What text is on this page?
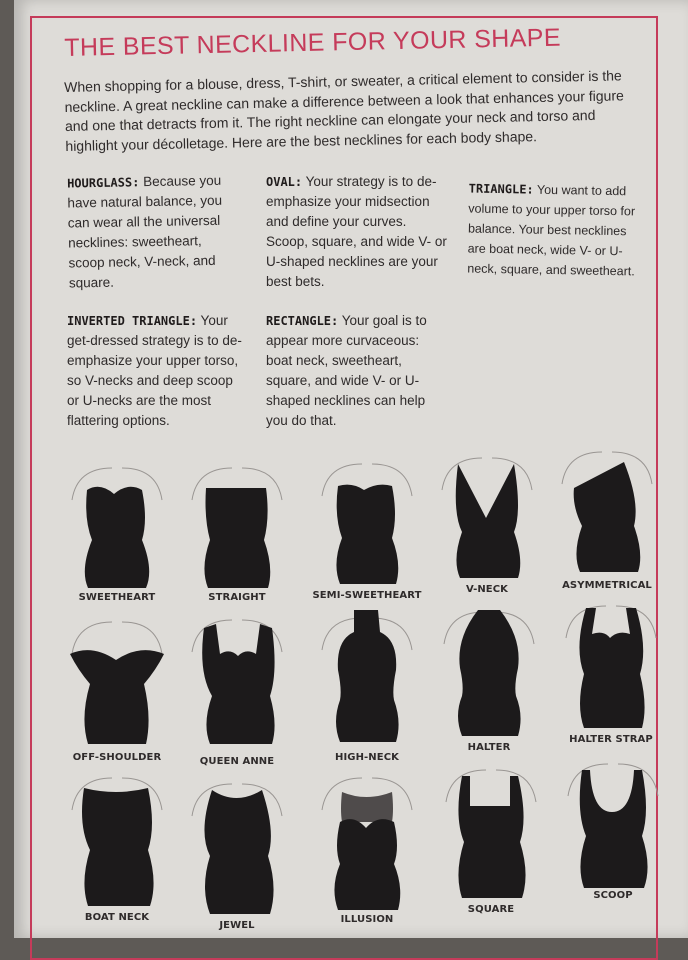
THE BEST NECKLINE FOR YOUR SHAPE
When shopping for a blouse, dress, T-shirt, or sweater, a critical element to consider is the neckline. A great neckline can make a difference between a look that enhances your figure and one that detracts from it. The right neckline can elongate your neck and torso and highlight your décolletage. Here are the best necklines for each body shape.
HOURGLASS: Because you have natural balance, you can wear all the universal necklines: sweetheart, scoop neck, V-neck, and square.
OVAL: Your strategy is to de-emphasize your midsection and define your curves. Scoop, square, and wide V- or U-shaped necklines are your best bets.
TRIANGLE: You want to add volume to your upper torso for balance. Your best necklines are boat neck, wide V- or U-neck, square, and sweetheart.
INVERTED TRIANGLE: Your get-dressed strategy is to de-emphasize your upper torso, so V-necks and deep scoop or U-necks are the most flattering options.
RECTANGLE: Your goal is to appear more curvaceous: boat neck, sweetheart, square, and wide V- or U-shaped necklines can help you do that.
SWEETHEART	STRAIGHT	SEMI-SWEETHEART
V-NECK	ASYMMETRICAL
OFF-SHOULDER	QUEEN ANNE	HIGH-NECK
HALTER
HALTER STRAP
BOAT NECK
JEWEL
ILLUSION
SQUARE
SCOOP
